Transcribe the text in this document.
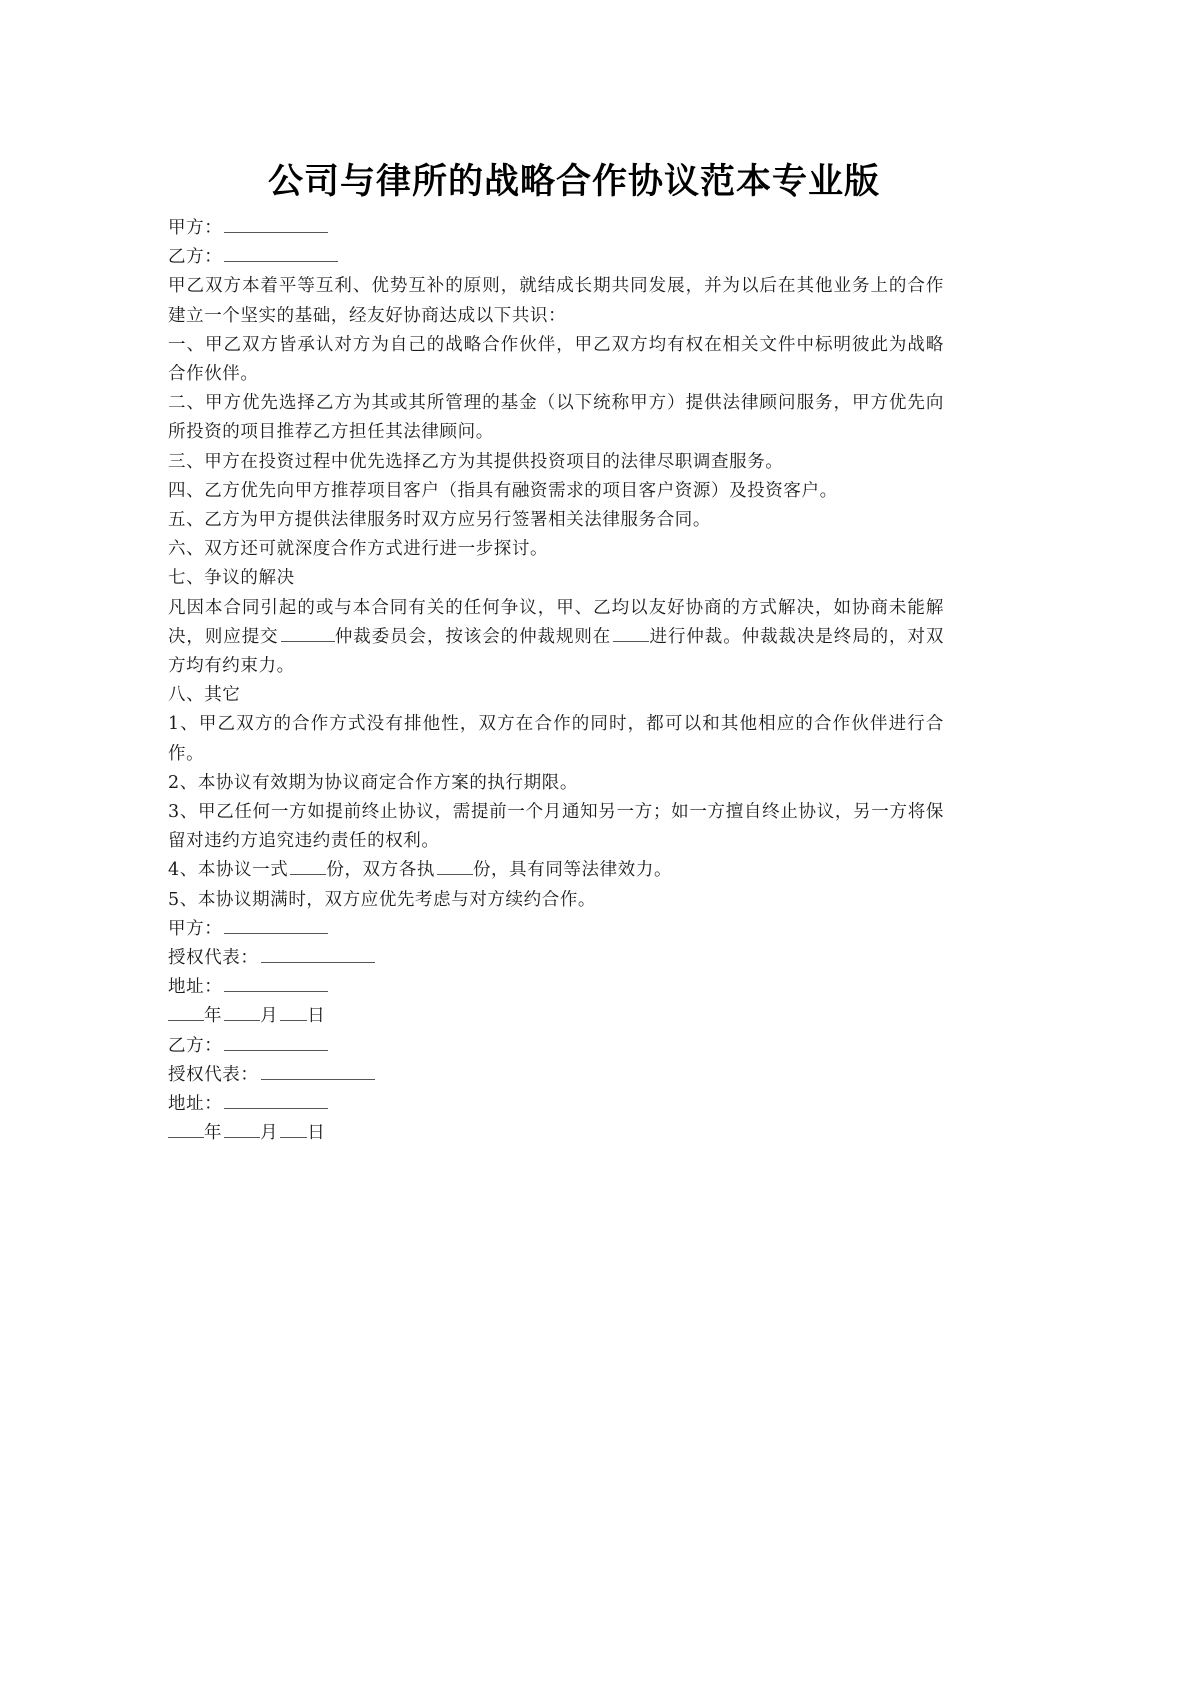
公司与律所的战略合作协议范本专业版

甲方：

乙方：

甲乙双方本着平等互利、优势互补的原则，就结成长期共同发展，并为以后在其他业务上的合作建立一个坚实的基础，经友好协商达成以下共识：

一、甲乙双方皆承认对方为自己的战略合作伙伴，甲乙双方均有权在相关文件中标明彼此为战略合作伙伴。

二、甲方优先选择乙方为其或其所管理的基金（以下统称甲方）提供法律顾问服务，甲方优先向所投资的项目推荐乙方担任其法律顾问。

三、甲方在投资过程中优先选择乙方为其提供投资项目的法律尽职调查服务。

四、乙方优先向甲方推荐项目客户（指具有融资需求的项目客户资源）及投资客户。

五、乙方为甲方提供法律服务时双方应另行签署相关法律服务合同。

六、双方还可就深度合作方式进行进一步探讨。

七、争议的解决

凡因本合同引起的或与本合同有关的任何争议，甲、乙均以友好协商的方式解决，如协商未能解决，则应提交	仲裁委员会，按该会的仲裁规则在 进行仲裁。仲裁裁决是终局的，对双方均有约束力。

八、其它

1、甲乙双方的合作方式没有排他性，双方在合作的同时，都可以和其他相应的合作伙伴进行合作。

2、本协议有效期为协议商定合作方案的执行期限。

3、甲乙任何一方如提前终止协议，需提前一个月通知另一方；如一方擅自终止协议，另一方将保留对违约方追究违约责任的权利。

4、本协议一式 份，双方各执 份，具有同等法律效力。

5、本协议期满时，双方应优先考虑与对方续约合作。

甲方：

授权代表：

地址：

年 月 日

乙方：

授权代表：

地址：

年 月 日
